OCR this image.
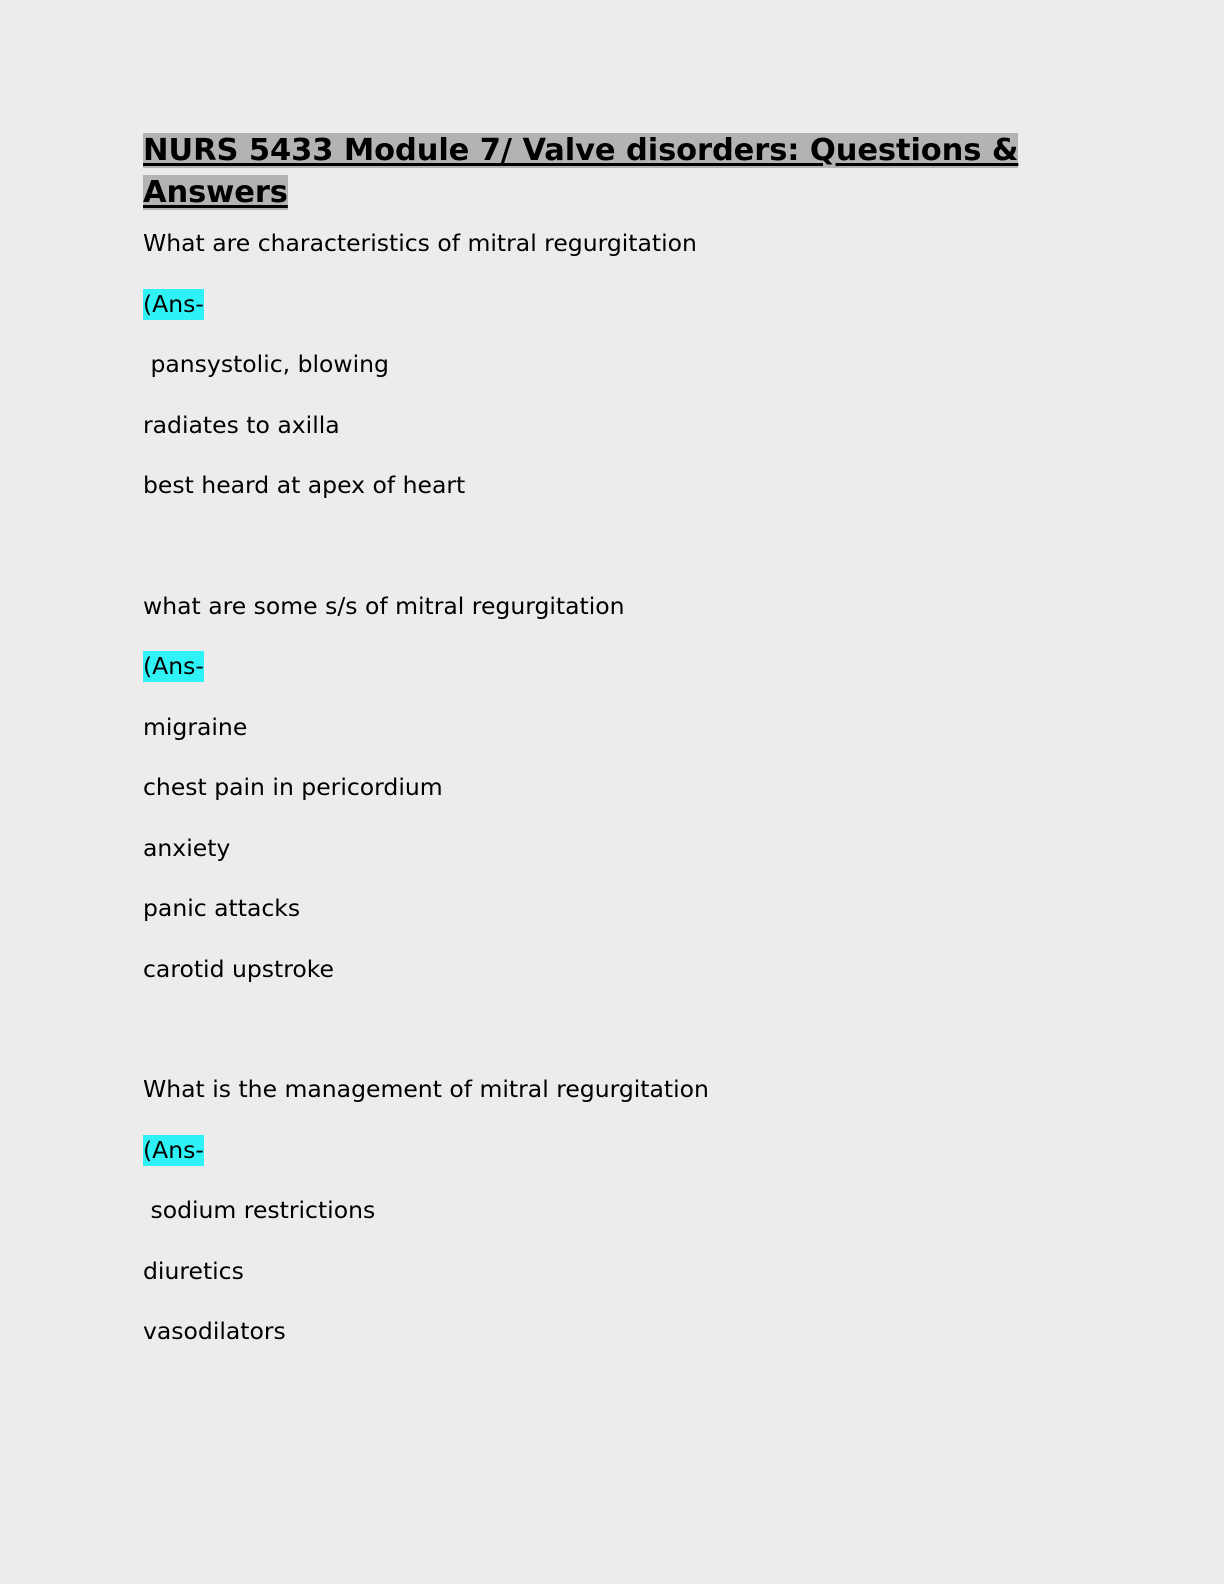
NURS 5433 Module 7/ Valve disorders: Questions & Answers

What are characteristics of mitral regurgitation

(Ans-

pansystolic, blowing

radiates to axilla

best heard at apex of heart

what are some s/s of mitral regurgitation

(Ans-

migraine

chest pain in pericordium

anxiety

panic attacks

carotid upstroke

What is the management of mitral regurgitation

(Ans-

sodium restrictions

diuretics

vasodilators
